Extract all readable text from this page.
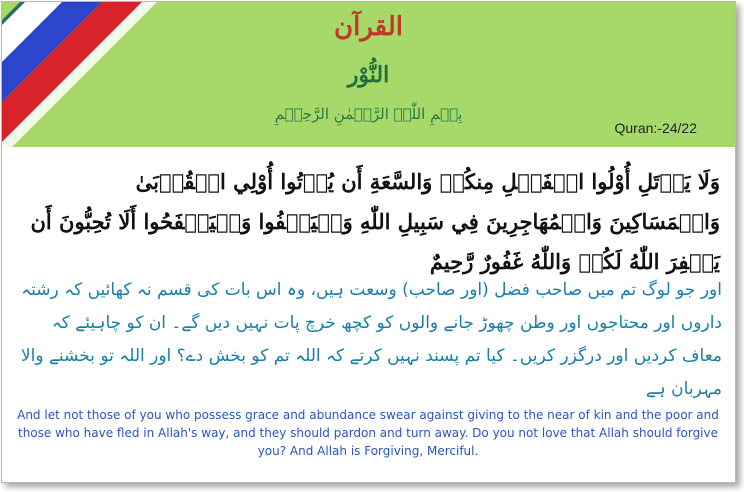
القرآن
النُّوْر
بِسۡمِ اللّٰہِ الرَّحۡمٰنِ الرَّحِیۡمِ
Quran:-24/22
وَلَا يَأۡتَلِ أُوْلُوا الۡفَضۡلِ مِنكُمۡ وَالسَّعَةِ أَن يُؤۡتُوا أُوْلِي الۡقُرۡبَىٰ وَالۡمَسَاكِينَ وَالۡمُهَاجِرِينَ فِي سَبِيلِ اللّٰهِ وَلۡيَعۡفُوا وَلۡيَصۡفَحُوا أَلَا تُحِبُّونَ أَن يَغۡفِرَ اللّٰهُ لَكُمۡ وَاللّٰهُ غَفُورٌ رَّحِيمٌ
اور جو لوگ تم میں صاحب فضل (اور صاحب) وسعت ہیں، وہ اس بات کی قسم نہ کھائیں کہ رشتہ داروں اور محتاجوں اور وطن چھوڑ جانے والوں کو کچھ خرچ پات نہیں دیں گے۔ ان کو چاہیئے کہ معاف کردیں اور درگزر کریں۔ کیا تم پسند نہیں کرتے کہ اللہ تم کو بخش دے؟ اور اللہ تو بخشنے والا مہربان ہے
And let not those of you who possess grace and abundance swear against giving to the near of kin and the poor and those who have fled in Allah's way, and they should pardon and turn away. Do you not love that Allah should forgive you? And Allah is Forgiving, Merciful.
